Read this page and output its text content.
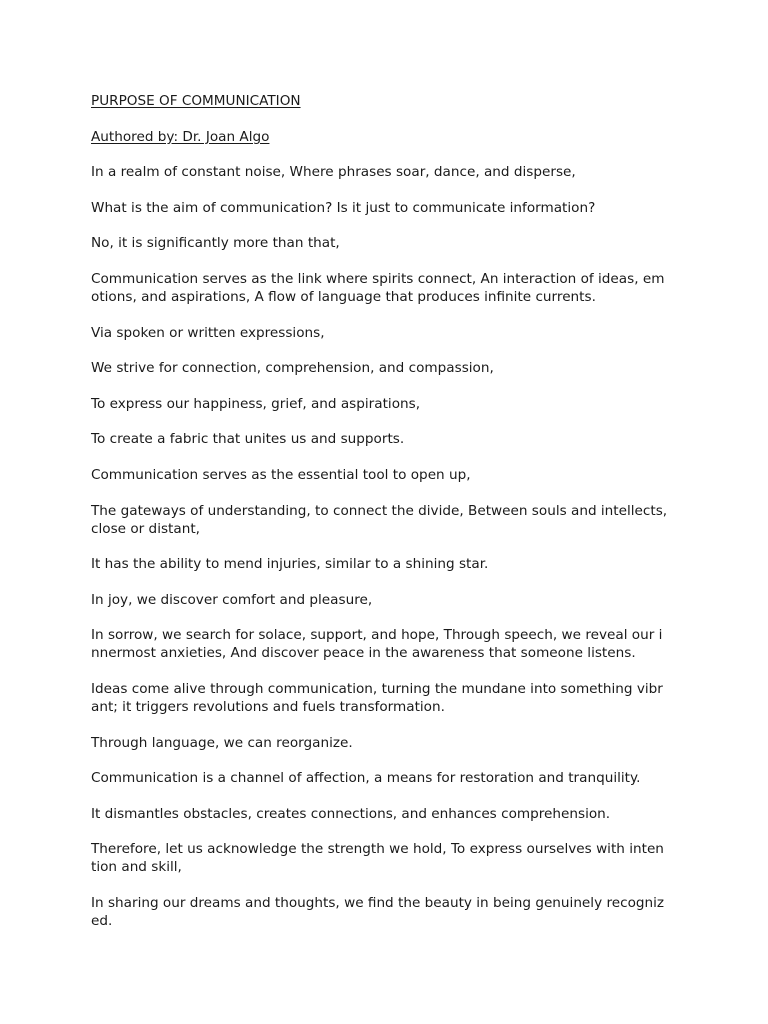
PURPOSE OF COMMUNICATION

Authored by: Dr. Joan Algo

In a realm of constant noise, Where phrases soar, dance, and disperse,

What is the aim of communication? Is it just to communicate information?

No, it is significantly more than that,

Communication serves as the link where spirits connect, An interaction of ideas, em
otions, and aspirations, A flow of language that produces infinite currents.

Via spoken or written expressions,

We strive for connection, comprehension, and compassion,

To express our happiness, grief, and aspirations,

To create a fabric that unites us and supports.

Communication serves as the essential tool to open up,

The gateways of understanding, to connect the divide, Between souls and intellects,
close or distant,

It has the ability to mend injuries, similar to a shining star.

In joy, we discover comfort and pleasure,

In sorrow, we search for solace, support, and hope, Through speech, we reveal our i
nnermost anxieties, And discover peace in the awareness that someone listens.

Ideas come alive through communication, turning the mundane into something vibr
ant; it triggers revolutions and fuels transformation.

Through language, we can reorganize.

Communication is a channel of affection, a means for restoration and tranquility.

It dismantles obstacles, creates connections, and enhances comprehension.

Therefore, let us acknowledge the strength we hold, To express ourselves with inten
tion and skill,

In sharing our dreams and thoughts, we find the beauty in being genuinely recogniz
ed.
